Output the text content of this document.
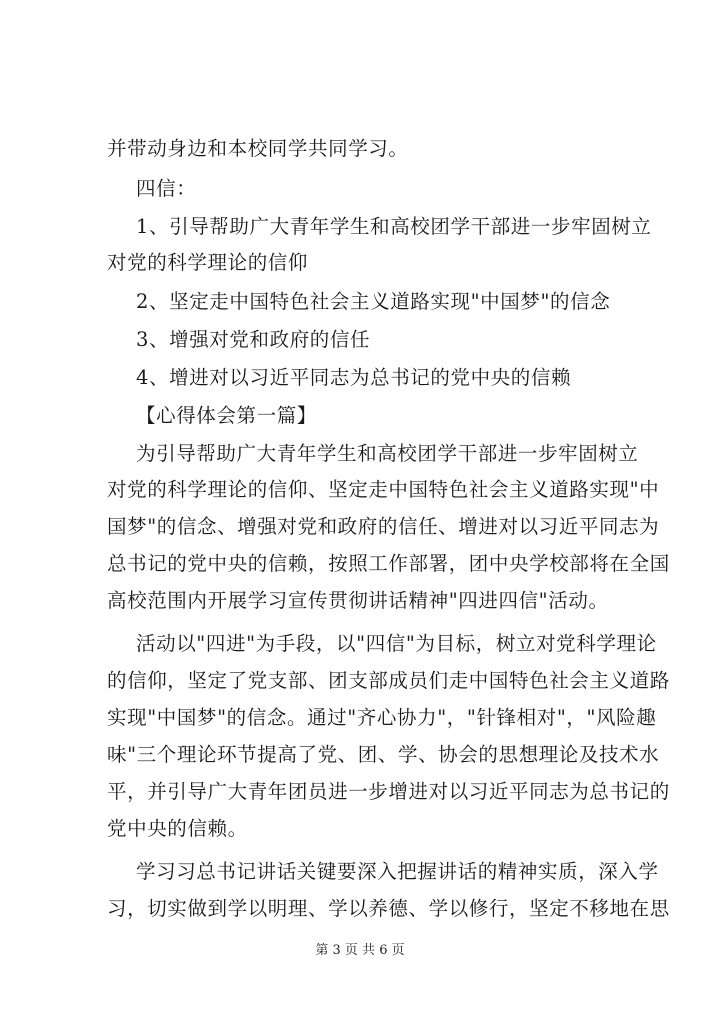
并带动身边和本校同学共同学习。
四信：
1、引导帮助广大青年学生和高校团学干部进一步牢固树立
对党的科学理论的信仰
2、坚定走中国特色社会主义道路实现"中国梦"的信念
3、增强对党和政府的信任
4、增进对以习近平同志为总书记的党中央的信赖
【心得体会第一篇】
为引导帮助广大青年学生和高校团学干部进一步牢固树立
对党的科学理论的信仰、坚定走中国特色社会主义道路实现"中
国梦"的信念、增强对党和政府的信任、增进对以习近平同志为
总书记的党中央的信赖，按照工作部署，团中央学校部将在全国
高校范围内开展学习宣传贯彻讲话精神"四进四信"活动。
活动以"四进"为手段，以"四信"为目标，树立对党科学理论
的信仰，坚定了党支部、团支部成员们走中国特色社会主义道路
实现"中国梦"的信念。通过"齐心协力"，"针锋相对"，"风险趣
味"三个理论环节提高了党、团、学、协会的思想理论及技术水
平，并引导广大青年团员进一步增进对以习近平同志为总书记的
党中央的信赖。
学习习总书记讲话关键要深入把握讲话的精神实质，深入学
习，切实做到学以明理、学以养德、学以修行，坚定不移地在思
第 3 页 共 6 页
